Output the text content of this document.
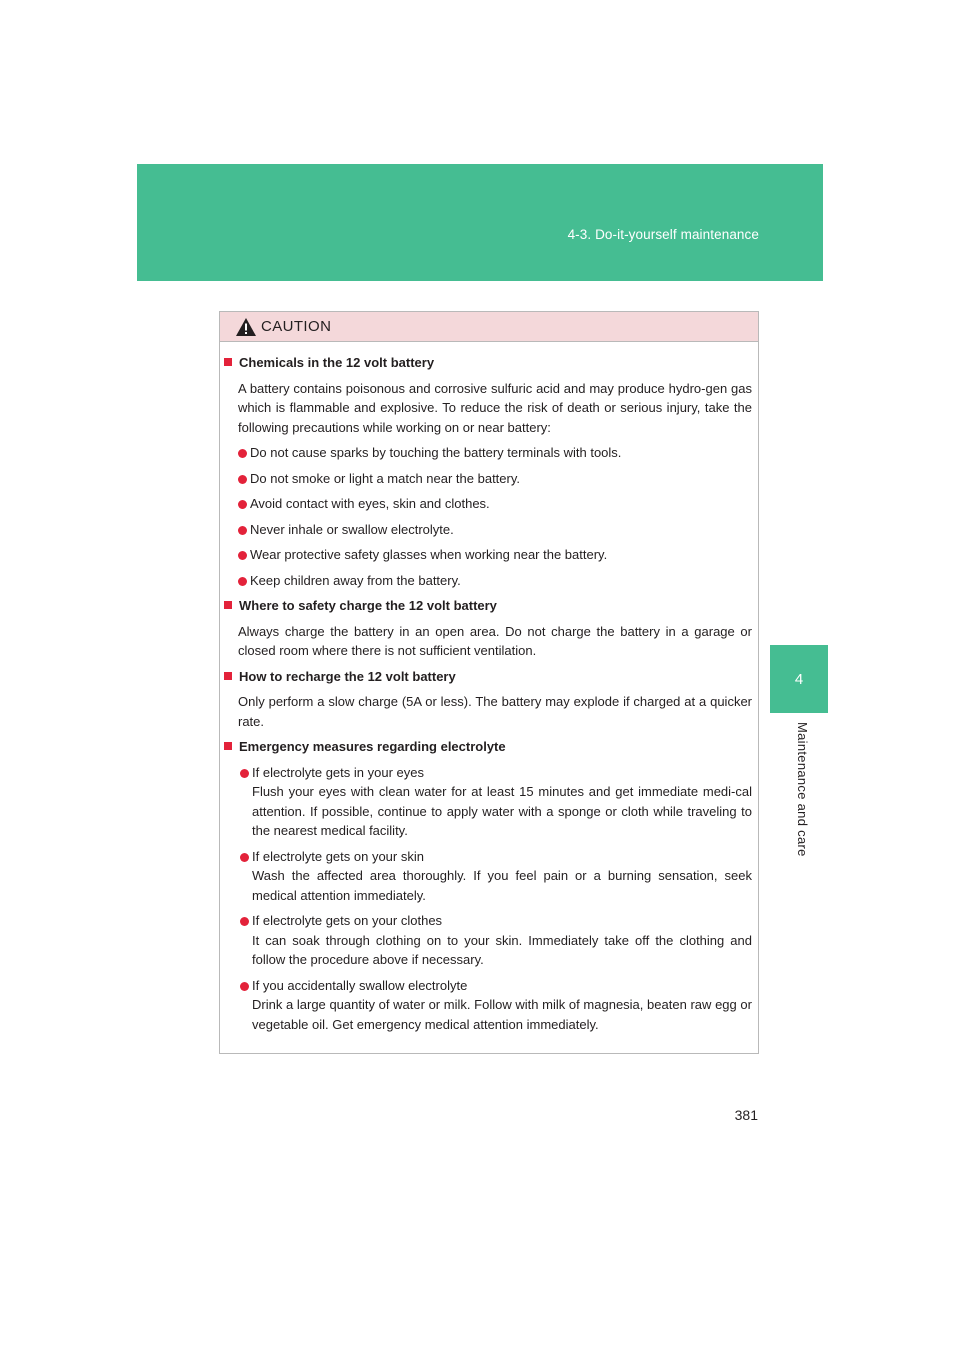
4-3. Do-it-yourself maintenance
4
Maintenance and care
CAUTION
Chemicals in the 12 volt battery
A battery contains poisonous and corrosive sulfuric acid and may produce hydro-gen gas which is flammable and explosive. To reduce the risk of death or serious injury, take the following precautions while working on or near battery:
Do not cause sparks by touching the battery terminals with tools.
Do not smoke or light a match near the battery.
Avoid contact with eyes, skin and clothes.
Never inhale or swallow electrolyte.
Wear protective safety glasses when working near the battery.
Keep children away from the battery.
Where to safety charge the 12 volt battery
Always charge the battery in an open area. Do not charge the battery in a garage or closed room where there is not sufficient ventilation.
How to recharge the 12 volt battery
Only perform a slow charge (5A or less). The battery may explode if charged at a quicker rate.
Emergency measures regarding electrolyte
If electrolyte gets in your eyes
Flush your eyes with clean water for at least 15 minutes and get immediate medi-cal attention. If possible, continue to apply water with a sponge or cloth while traveling to the nearest medical facility.
If electrolyte gets on your skin
Wash the affected area thoroughly. If you feel pain or a burning sensation, seek medical attention immediately.
If electrolyte gets on your clothes
It can soak through clothing on to your skin. Immediately take off the clothing and follow the procedure above if necessary.
If you accidentally swallow electrolyte
Drink a large quantity of water or milk. Follow with milk of magnesia, beaten raw egg or vegetable oil. Get emergency medical attention immediately.
381
